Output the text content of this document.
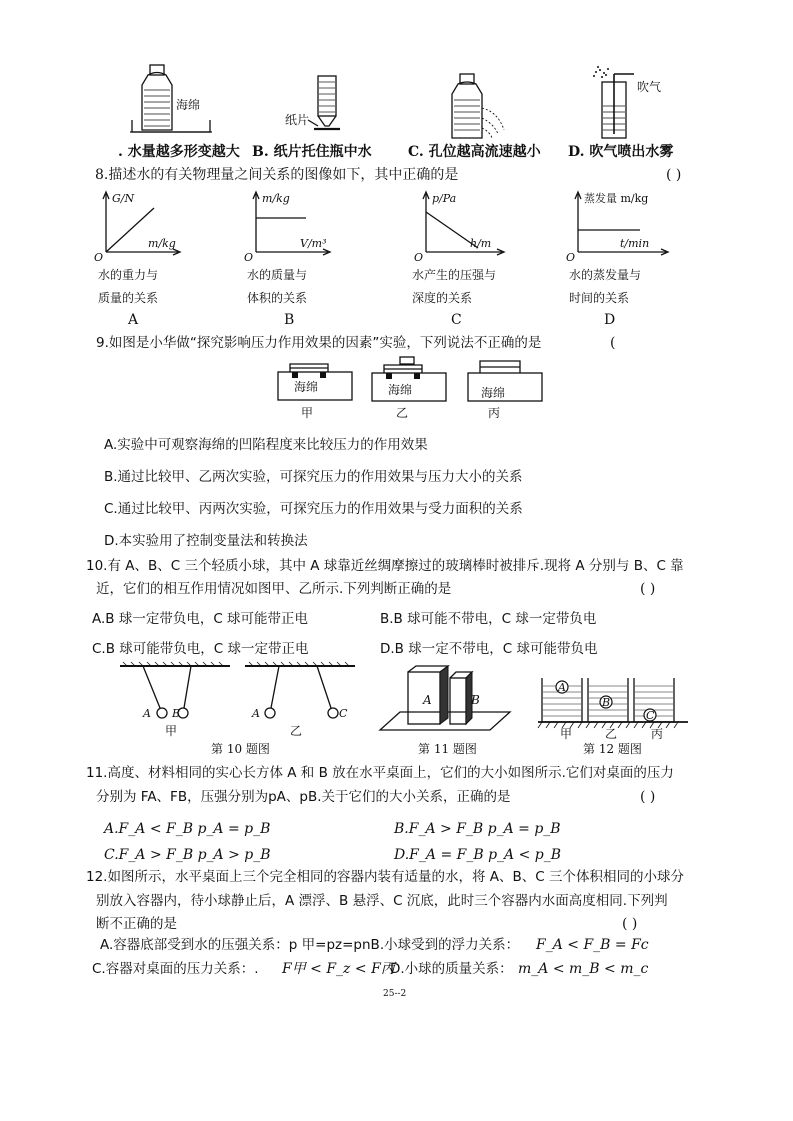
海绵
纸片
吹气
. 水量越多形变越大 B. 纸片托住瓶中水	C. 孔位越高流速越小 D. 吹气喷出水雾
8.描述水的有关物理量之间关系的图像如下，其中正确的是	( )
G/N
m/kg
O
m/kg
V/m³
O
p/Pa
h/m
O
蒸发量 m/kg
t/min
O
水的重力与
质量的关系
A
水的质量与
体积的关系
B
水产生的压强与
深度的关系
C
水的蒸发量与
时间的关系
D
9.如图是小华做“探究影响压力作用效果的因素”实验，下列说法不正确的是	(
海绵
甲
海绵
乙
海绵
丙
A.实验中可观察海绵的凹陷程度来比较压力的作用效果
B.通过比较甲、乙两次实验，可探究压力的作用效果与压力大小的关系
C.通过比较甲、丙两次实验，可探究压力的作用效果与受力面积的关系
D.本实验用了控制变量法和转换法
10.有 A、B、C 三个轻质小球，其中 A 球靠近丝绸摩擦过的玻璃棒时被排斥.现将 A 分别与 B、C 靠
近，它们的相互作用情况如图甲、乙所示.下列判断正确的是	( )
A.B 球一定带负电，C 球可能带正电	B.B 球可能不带电，C 球一定带负电
C.B 球可能带负电，C 球一定带正电	D.B 球一定不带电，C 球可能带负电
A B	A	C
甲	乙
第 10 题图
A	B
第 11 题图
A
B
C
甲	乙	丙
第 12 题图
11.高度、材料相同的实心长方体 A 和 B 放在水平桌面上，它们的大小如图所示.它们对桌面的压力
分别为 FA、FB，压强分别为pA、pB.关于它们的大小关系，正确的是	( )
A.F_A < F_B p_A = p_B	B.F_A > F_B p_A = p_B
C.F_A > F_B p_A > p_B	D.F_A = F_B p_A < p_B
12.如图所示，水平桌面上三个完全相同的容器内装有适量的水，将 A、B、C 三个体积相同的小球分
别放入容器内，待小球静止后，A 漂浮、B 悬浮、C 沉底，此时三个容器内水面高度相同.下列判
断不正确的是	( )
A.容器底部受到水的压强关系：p 甲=pz=pnB.小球受到的浮力关系： F_A < F_B = Fc
C.容器对桌面的压力关系：. F甲 < F_z < F丙
D.小球的质量关系： m_A < m_B < m_c
25--2
